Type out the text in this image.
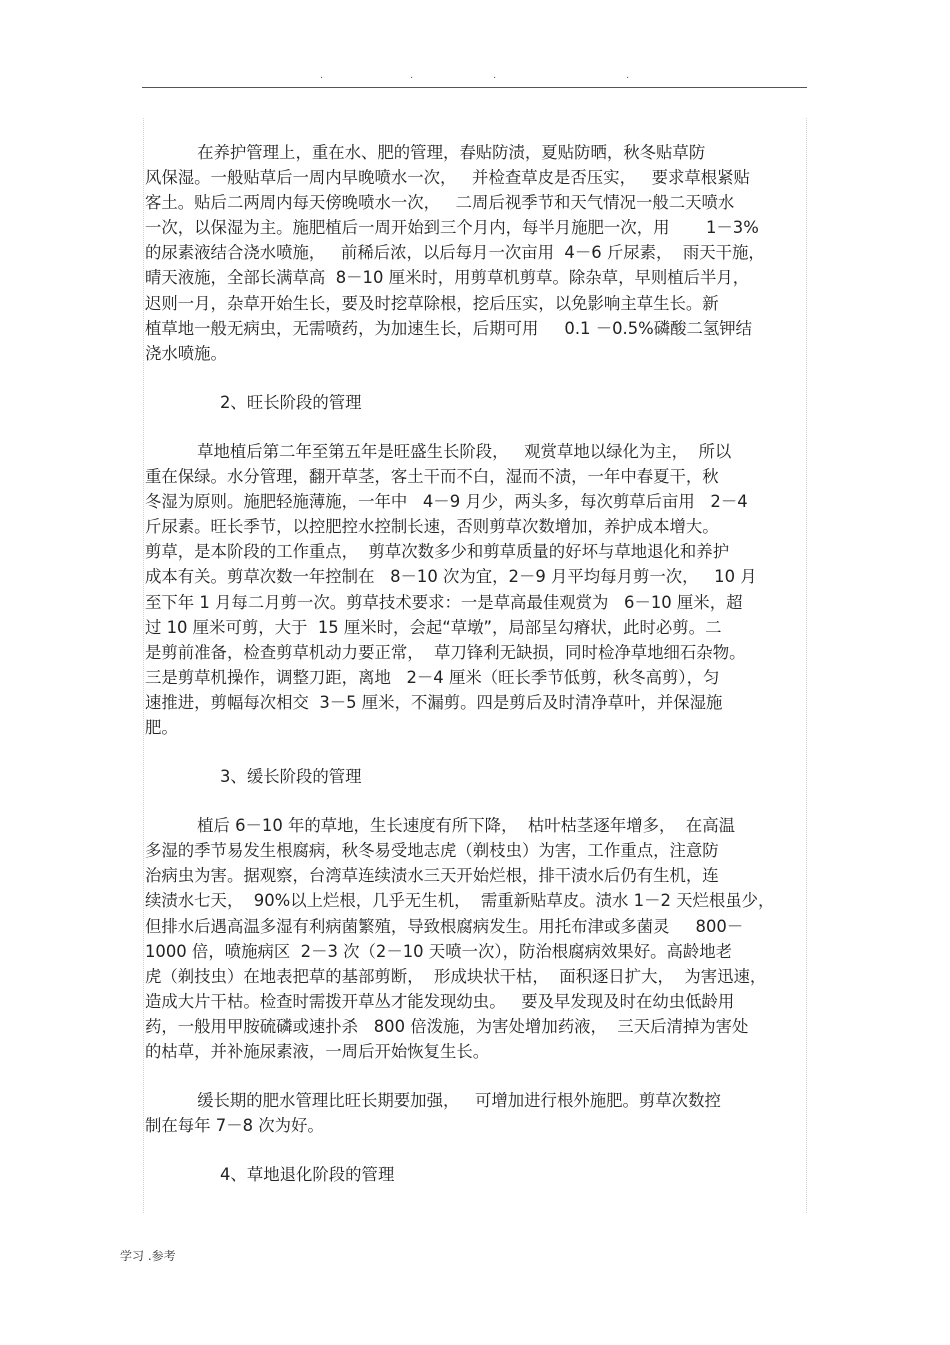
·	·	·	·

在养护管理上，重在水、肥的管理，春贴防渍，夏贴防晒，秋冬贴草防

风保湿。一般贴草后一周内早晚喷水一次，   并检查草皮是否压实，   要求草根紧贴

客土。贴后二两周内每天傍晚喷水一次，   二周后视季节和天气情况一般二天喷水

一次，以保湿为主。施肥植后一周开始到三个月内，每半月施肥一次，用       1－3%

的尿素液结合浇水喷施，   前稀后浓，以后每月一次亩用  4－6 斤尿素，  雨天干施，

晴天液施，全部长满草高  8－10 厘米时，用剪草机剪草。除杂草，早则植后半月，

迟则一月，杂草开始生长，要及时挖草除根，挖后压实，以免影响主草生长。新

植草地一般无病虫，无需喷药，为加速生长，后期可用     0.1 －0.5%磷酸二氢钾结

浇水喷施。

2、旺长阶段的管理

草地植后第二年至第五年是旺盛生长阶段，   观赏草地以绿化为主，  所以

重在保绿。水分管理，翻开草茎，客土干而不白，湿而不渍，一年中春夏干，秋

冬湿为原则。施肥轻施薄施，一年中   4－9 月少，两头多，每次剪草后亩用   2－4

斤尿素。旺长季节，以控肥控水控制长速，否则剪草次数增加，养护成本增大。

剪草，是本阶段的工作重点，  剪草次数多少和剪草质量的好坏与草地退化和养护

成本有关。剪草次数一年控制在   8－10 次为宜，2－9 月平均每月剪一次，   10 月

至下年 1 月每二月剪一次。剪草技术要求：一是草高最佳观赏为   6－10 厘米，超

过 10 厘米可剪，大于  15 厘米时，会起“草墩”，局部呈勾瘠状，此时必剪。二

是剪前准备，检查剪草机动力要正常，  草刀锋利无缺损，同时检净草地细石杂物。

三是剪草机操作，调整刀距，离地   2－4 厘米（旺长季节低剪，秋冬高剪），匀

速推进，剪幅每次相交  3－5 厘米，不漏剪。四是剪后及时清净草叶，并保湿施

肥。

3、缓长阶段的管理

植后 6－10 年的草地，生长速度有所下降，  枯叶枯茎逐年增多，  在高温

多湿的季节易发生根腐病，秋冬易受地志虎（剃枝虫）为害，工作重点，注意防

治病虫为害。据观察，台湾草连续渍水三天开始烂根，排干渍水后仍有生机，连

续渍水七天，  90%以上烂根，几乎无生机，  需重新贴草皮。渍水 1－2 天烂根虽少，

但排水后遇高温多湿有利病菌繁殖，导致根腐病发生。用托布津或多菌灵     800－

1000 倍，喷施病区  2－3 次（2－10 天喷一次），防治根腐病效果好。高龄地老

虎（剃技虫）在地表把草的基部剪断，  形成块状干枯，  面积逐日扩大，  为害迅速，

造成大片干枯。检查时需拨开草丛才能发现幼虫。   要及早发现及时在幼虫低龄用

药，一般用甲胺硫磷或速扑杀   800 倍泼施，为害处增加药液，  三天后清掉为害处

的枯草，并补施尿素液，一周后开始恢复生长。

缓长期的肥水管理比旺长期要加强，   可增加进行根外施肥。剪草次数控

制在每年 7－8 次为好。

4、草地退化阶段的管理

学习 .参考
